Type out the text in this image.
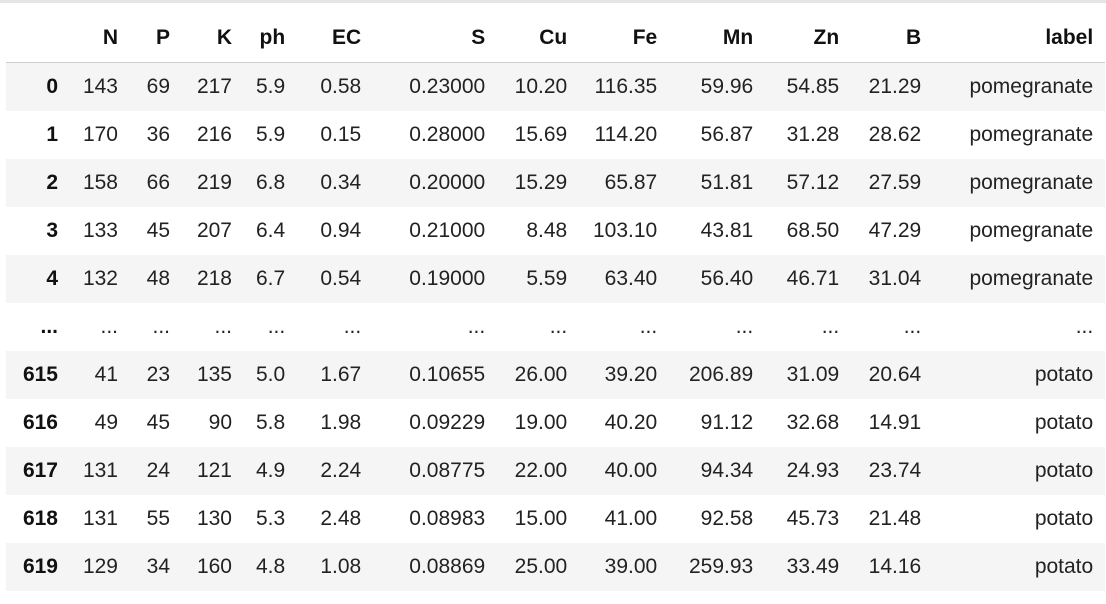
	N	P	K	ph	EC	S	Cu	Fe	Mn	Zn	B	label
0	143	69	217	5.9	0.58	0.23000	10.20	116.35	59.96	54.85	21.29	pomegranate
1	170	36	216	5.9	0.15	0.28000	15.69	114.20	56.87	31.28	28.62	pomegranate
2	158	66	219	6.8	0.34	0.20000	15.29	65.87	51.81	57.12	27.59	pomegranate
3	133	45	207	6.4	0.94	0.21000	8.48	103.10	43.81	68.50	47.29	pomegranate
4	132	48	218	6.7	0.54	0.19000	5.59	63.40	56.40	46.71	31.04	pomegranate
...	...	...	...	...	...	...	...	...	...	...	...	...
615	41	23	135	5.0	1.67	0.10655	26.00	39.20	206.89	31.09	20.64	potato
616	49	45	90	5.8	1.98	0.09229	19.00	40.20	91.12	32.68	14.91	potato
617	131	24	121	4.9	2.24	0.08775	22.00	40.00	94.34	24.93	23.74	potato
618	131	55	130	5.3	2.48	0.08983	15.00	41.00	92.58	45.73	21.48	potato
619	129	34	160	4.8	1.08	0.08869	25.00	39.00	259.93	33.49	14.16	potato
